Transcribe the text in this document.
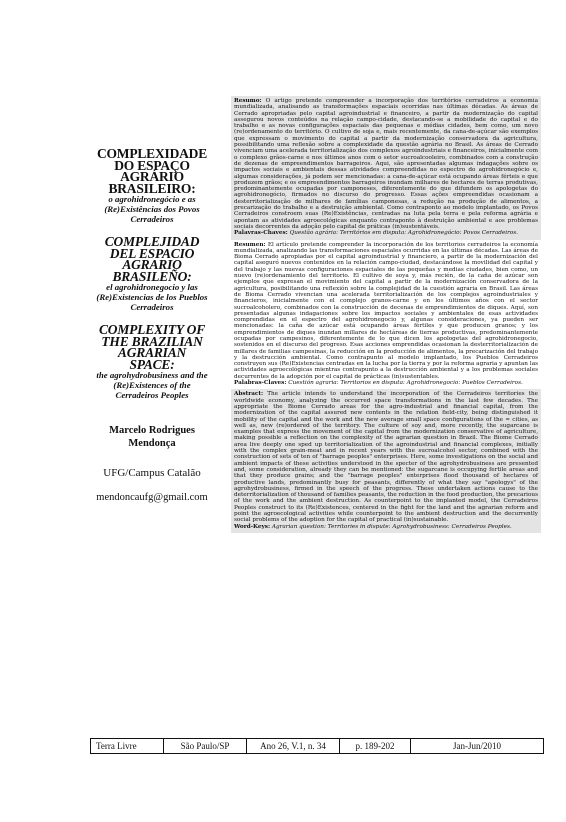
COMPLEXIDADE DO ESPAÇO AGRÁRIO BRASILEIRO:

o agrohidronegócio e as (Re)Existências dos Povos Cerradeiros

COMPLEJIDAD DEL ESPACIO AGRARIO BRASILEÑO:

el agrohidronegocio y las (Re)Existencias de los Pueblos Cerradeiros

COMPLEXITY OF THE BRAZILIAN AGRARIAN SPACE:

the agrohydrobusiness and the (Re)Existences of the Cerradeiros Peoples

Marcelo Rodrigues Mendonça
UFG/Campus Catalão
mendoncaufg@gmail.com

Resumo: O artigo pretende compreender a incorporação dos territórios cerradeiros a economia mundializada, analisando as transformações espaciais ocorridas nas últimas décadas. As áreas de Cerrado apropriadas pelo capital agroindustrial e financeiro, a partir da modernização do capital assegurou novos conteúdos na relação campo-cidade, destacando-se a mobilidade do capital e do trabalho e as novas configurações espaciais das pequenas e médias cidades, bem como, um novo (re)ordenamento do território. O cultivo de soja e, mais recentemente, da cana-de-açúcar são exemplos que expressam o movimento do capital a partir da modernização conservadora da agricultura, possibilitando uma reflexão sobre a complexidade da questão agrária no Brasil. As áreas de Cerrado vivenciam uma acelerada territorialização dos complexos agroindustriais e financeiros, inicialmente com o complexo grãos-carne e nos últimos anos com o setor sucroalcooleiro, combinados com a construção de dezenas de empreendimentos barrageiros. Aqui, são apresentadas algumas indagações sobre os impactos sociais e ambientais dessas atividades compreendidas no espectro do agrohidronegócio e, algumas considerações, já podem ser mencionadas: a cana-de-açúcar está ocupando áreas férteis e que produzem grãos; e os empreendimentos barrageiros inundam milhares de hectares de terras produtivas, predominantemente ocupadas por camponeses, diferentemente do que difundem os apologetas do agrohidronegócio, firmados no discurso do progresso. Essas ações empreendidas ocasionam a desterritorialização de milhares de famílias camponesas, a redução na produção de alimentos, a precarização do trabalho e a destruição ambiental. Como contraponto ao modelo implantado, os Povos Cerradeiros constroem suas (Re)Existências, centradas na luta pela terra e pela reforma agrária e apontam as atividades agroecológicas enquanto contraponto à destruição ambiental e aos problemas sociais decorrentes da adoção pelo capital de práticas (in)sustentáveis.

Palavras-Chaves: Questão agrária: Territórios em disputa: Agrohidronegócio: Povos Cerradeiros.

Resumen: El artículo pretende comprender la incorporación de los territorios cerradeiros la economía mundializada, analizando las transformaciones espaciales ocurridas en las últimas décadas. Las áreas de Bioma Cerrado apropiadas por el capital agroindustrial y financiero, a partir de la modernización del capital aseguró nuevos contenidos en la relación campo-ciudad, destacándose la movilidad del capital y del trabajo y las nuevas configuraciones espaciales de las pequeñas y medias ciudades, bien como, un nuevo (re)ordenamiento del territorio. El cultivo de soya y, más recién, de la caña de azúcar son ejemplos que expresan el movimiento del capital a partir de la modernización conservadora de la agricultura, posibilitando una reflexión sobre la complejidad de la cuestión agraria en Brasil. Las áreas de Bioma Cerrado vivencian una acelerada territorialización de los complejos agroindustriales y financieros, inicialmente con el complejo granos-carne y en los últimos años con el sector sucroalcoholero, combinados con la construcción de decenas de emprendimientos de diques. Aquí, son presentadas algunas indagaciones sobre los impactos sociales y ambientales de esas actividades comprendidas en el espectro del agrohidronegocio y, algunas consideraciones, ya pueden ser mencionadas: la caña de azúcar está ocupando áreas fértiles y que producen granos; y los emprendimientos de diques inundan millares de hectáreas de tierras productivas, predominantemente ocupadas por campesinos, diferentemente de lo que dicen los apologetas del agrohidronegocio, sostenidos en el discurso del progreso. Esas acciones emprendidas ocasionan la desterritorialización de millares de familias campesinas, la reducción en la producción de alimentos, la precarización del trabajo y la destrucción ambiental. Como contrapunto al modelo implantado, los Pueblos Cerradeiros construyen sus (Re)Existencias centradas en la lucha por la tierra y por la reforma agraria y apuntan las actividades agroecológicas mientras contrapunto a la destrucción ambiental y a los problemas sociales decurrentes de la adopción por el capital de prácticas (in)sustentables.

Palabras-Claves: Cuestión agraria: Territorios en disputa: Agrohidronegocio: Pueblos Cerradeiros.

Abstract: The article intends to understand the incorporation of the Cerradeiros territories the worldwide economy, analyzing the occurred space transformations in the last few decades. The appropriate the Biome Cerrado areas for the agro-industrial and financial capital, from the modernization of the capital assured new contents in the relation field-city, being distinguished it mobility of the capital and the work and the new average small space configurations of the ≈ cities, as well as, new (re)ordered of the territory. The culture of soy and, more recently, the sugarcane is examples that express the movement of the capital from the modernization conservative of agriculture, making possible a reflection on the complexity of the agrarian question in Brazil. The Biome Cerrado area live deeply one sped up territorialization of the agroindustrial and financial complexes, initially with the complex grain-meat and in recent years with the sucroalcohol sector, combined with the construction of sets of ten of "barrage peoples" enterprises. Here, some investigations on the social and ambient impacts of these activities understood in the specter of the agrohydrobusiness are presented and, some consideration, already they can be mentioned: the sugarcane is occupying fertile areas and that they produce grains; and the "barrage peoples" enterprises flood thousand of hectares of productive lands, predominantly busy for peasants, differently of what they say "apologys" of the agrohydrobusiness, firmed in the speech of the progress. These undertaken actions cause to the deterritorialization of thousand of families peasants, the reduction in the food production, the precarious of the work and the ambient destruction. As counterpoint to the implanted model, the Cerradeiros Peoples construct to its (Re)Existences, centered in the fight for the land and the agrarian reform and point the agroecological activities while counterpoint to the ambient destruction and the decurrently social problems of the adoption for the capital of practical (in)sustainable.

Word-Keys: Agrarian question: Territories in dispute: Agrohydrobusiness: Cerradeiros Peoples.

Terra Livre	São Paulo/SP	Ano 26, V.1, n. 34	p. 189-202	Jan-Jun/2010
